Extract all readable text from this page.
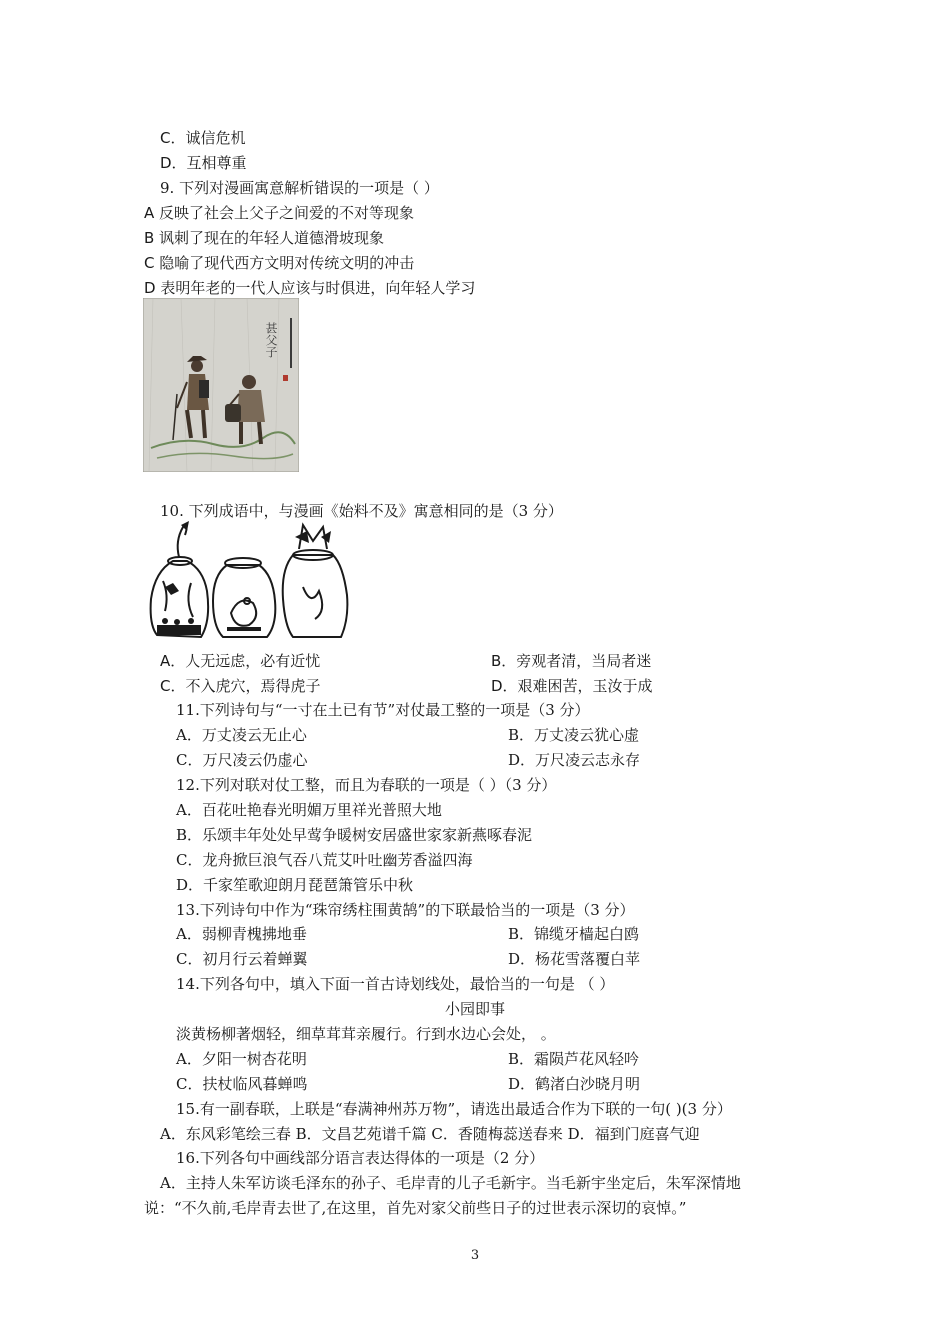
C．诚信危机
D．互相尊重
9. 下列对漫画寓意解析错误的一项是（ ）
A 反映了社会上父子之间爱的不对等现象
B 讽刺了现在的年轻人道德滑坡现象
C 隐喻了现代西方文明对传统文明的冲击
D 表明年老的一代人应该与时俱进，向年轻人学习
甚父子
10. 下列成语中，与漫画《始料不及》寓意相同的是（3 分）
A．人无远虑，必有近忧	B．旁观者清，当局者迷
C．不入虎穴，焉得虎子	D．艰难困苦，玉汝于成
11.下列诗句与“一寸在土已有节”对仗最工整的一项是（3 分）
A．万丈凌云无止心	B．万丈凌云犹心虚
C．万尺凌云仍虚心	D．万尺凌云志永存
12.下列对联对仗工整，而且为春联的一项是（ ）（3 分）
A．百花吐艳春光明媚万里祥光普照大地
B．乐颂丰年处处早莺争暖树安居盛世家家新燕啄春泥
C．龙舟掀巨浪气吞八荒艾叶吐幽芳香溢四海
D．千家笙歌迎朗月琵琶箫管乐中秋
13.下列诗句中作为“珠帘绣柱围黄鹄”的下联最恰当的一项是（3 分）
A．弱柳青槐拂地垂	B．锦缆牙樯起白鸥
C．初月行云着蝉翼	D．杨花雪落覆白苹
14.下列各句中，填入下面一首古诗划线处，最恰当的一句是 （ ）
小园即事
淡黄杨柳著烟轻，细草茸茸亲履行。行到水边心会处， 。
A．夕阳一树杏花明	B．霜陨芦花风轻吟
C．扶杖临风暮蝉鸣	D．鹤渚白沙晓月明
15.有一副春联，上联是“春满神州苏万物”，请选出最适合作为下联的一句( )(3 分）
A．东风彩笔绘三春 B．文昌艺苑谱千篇 C．香随梅蕊送春来 D．福到门庭喜气迎
16.下列各句中画线部分语言表达得体的一项是（2 分）
A．主持人朱军访谈毛泽东的孙子、毛岸青的儿子毛新宇。当毛新宇坐定后，朱军深情地
说：“不久前,毛岸青去世了,在这里，首先对家父前些日子的过世表示深切的哀悼。”
3
